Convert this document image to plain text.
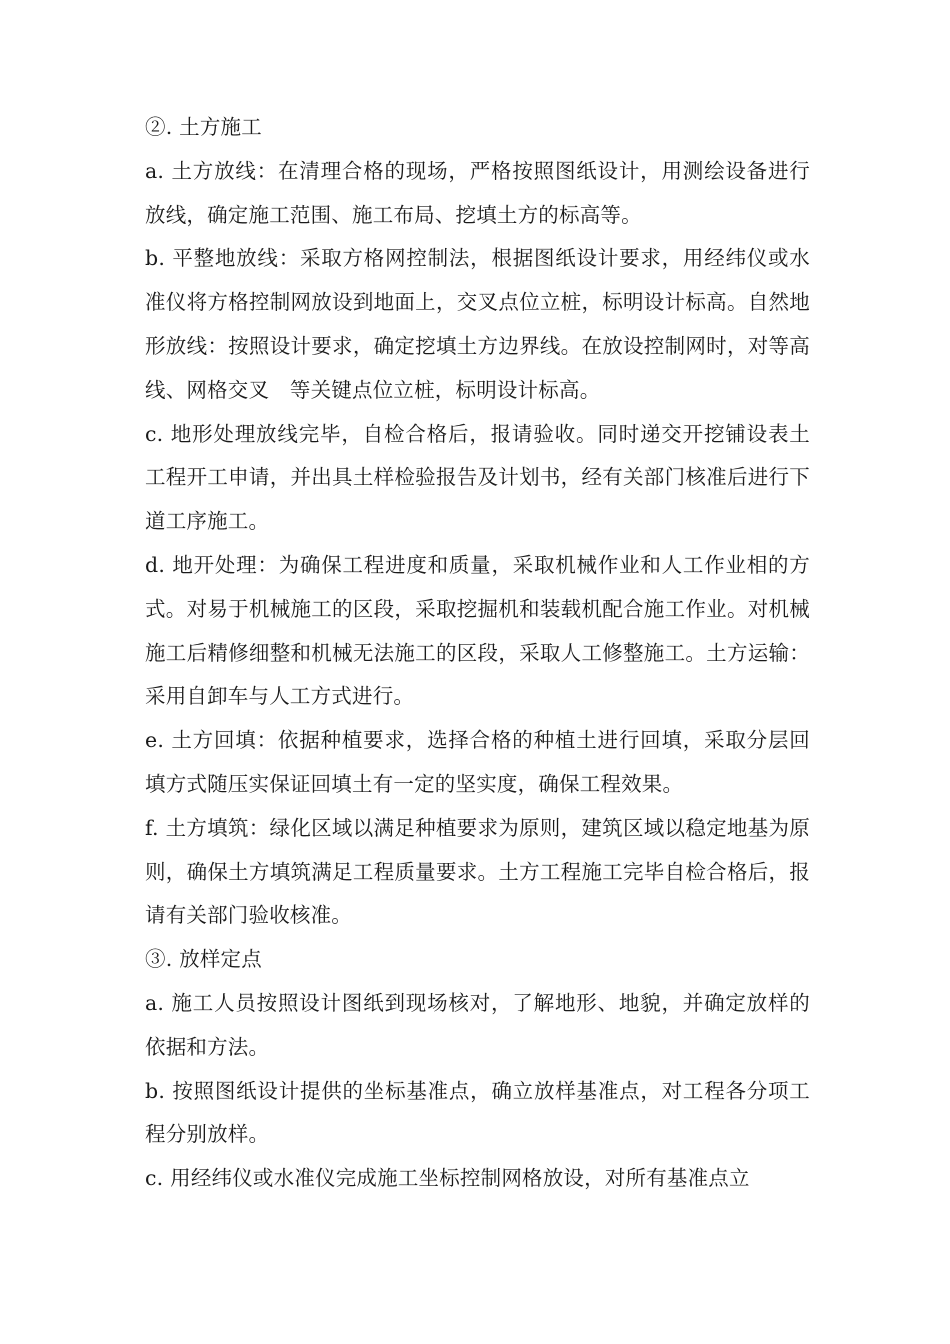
②. 土方施工

a. 土方放线：在清理合格的现场，严格按照图纸设计，用测绘设备进行放线，确定施工范围、施工布局、挖填土方的标高等。

b. 平整地放线：采取方格网控制法，根据图纸设计要求，用经纬仪或水准仪将方格控制网放设到地面上，交叉点位立桩，标明设计标高。自然地形放线：按照设计要求，确定挖填土方边界线。在放设控制网时，对等高线、网格交叉　等关键点位立桩，标明设计标高。

c. 地形处理放线完毕，自检合格后，报请验收。同时递交开挖铺设表土工程开工申请，并出具土样检验报告及计划书，经有关部门核准后进行下道工序施工。

d. 地开处理：为确保工程进度和质量，采取机械作业和人工作业相的方式。对易于机械施工的区段，采取挖掘机和装载机配合施工作业。对机械施工后精修细整和机械无法施工的区段，采取人工修整施工。土方运输：采用自卸车与人工方式进行。

e. 土方回填：依据种植要求，选择合格的种植土进行回填，采取分层回填方式随压实保证回填土有一定的坚实度，确保工程效果。

f. 土方填筑：绿化区域以满足种植要求为原则，建筑区域以稳定地基为原则，确保土方填筑满足工程质量要求。土方工程施工完毕自检合格后，报请有关部门验收核准。

③. 放样定点

a. 施工人员按照设计图纸到现场核对，了解地形、地貌，并确定放样的依据和方法。

b. 按照图纸设计提供的坐标基准点，确立放样基准点，对工程各分项工程分别放样。

c. 用经纬仪或水准仪完成施工坐标控制网格放设，对所有基准点立
